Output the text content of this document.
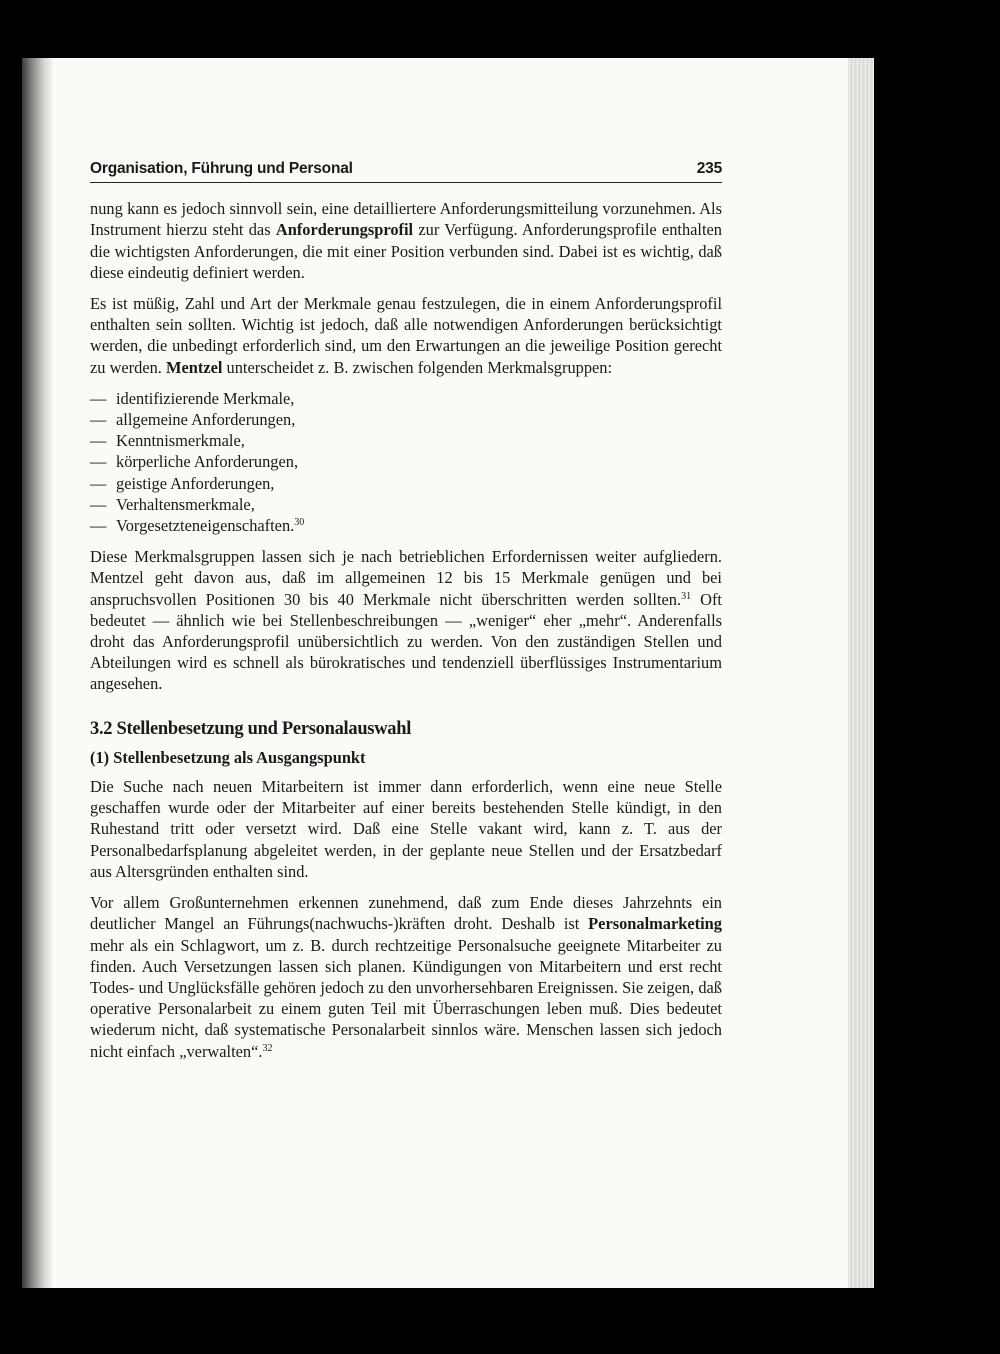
Organisation, Führung und Personal	235

nung kann es jedoch sinnvoll sein, eine detailliertere Anforderungsmitteilung vorzunehmen. Als Instrument hierzu steht das Anforderungsprofil zur Verfügung. Anforderungsprofile enthalten die wichtigsten Anforderungen, die mit einer Position verbunden sind. Dabei ist es wichtig, daß diese eindeutig definiert werden.

Es ist müßig, Zahl und Art der Merkmale genau festzulegen, die in einem Anforderungsprofil enthalten sein sollten. Wichtig ist jedoch, daß alle notwendigen Anforderungen berücksichtigt werden, die unbedingt erforderlich sind, um den Erwartungen an die jeweilige Position gerecht zu werden. Mentzel unterscheidet z. B. zwischen folgenden Merkmalsgruppen:

— identifizierende Merkmale,
— allgemeine Anforderungen,
— Kenntnismerkmale,
— körperliche Anforderungen,
— geistige Anforderungen,
— Verhaltensmerkmale,
— Vorgesetzteneigenschaften.$^{30}$

Diese Merkmalsgruppen lassen sich je nach betrieblichen Erfordernissen weiter aufgliedern. Mentzel geht davon aus, daß im allgemeinen 12 bis 15 Merkmale genügen und bei anspruchsvollen Positionen 30 bis 40 Merkmale nicht überschritten werden sollten.$^{31}$ Oft bedeutet — ähnlich wie bei Stellenbeschreibungen — „weniger“ eher „mehr“. Anderenfalls droht das Anforderungsprofil unübersichtlich zu werden. Von den zuständigen Stellen und Abteilungen wird es schnell als bürokratisches und tendenziell überflüssiges Instrumentarium angesehen.

3.2 Stellenbesetzung und Personalauswahl
(1) Stellenbesetzung als Ausgangspunkt

Die Suche nach neuen Mitarbeitern ist immer dann erforderlich, wenn eine neue Stelle geschaffen wurde oder der Mitarbeiter auf einer bereits bestehenden Stelle kündigt, in den Ruhestand tritt oder versetzt wird. Daß eine Stelle vakant wird, kann z. T. aus der Personalbedarfsplanung abgeleitet werden, in der geplante neue Stellen und der Ersatzbedarf aus Altersgründen enthalten sind.

Vor allem Großunternehmen erkennen zunehmend, daß zum Ende dieses Jahrzehnts ein deutlicher Mangel an Führungs(nachwuchs-)kräften droht. Deshalb ist Personalmarketing mehr als ein Schlagwort, um z. B. durch rechtzeitige Personalsuche geeignete Mitarbeiter zu finden. Auch Versetzungen lassen sich planen. Kündigungen von Mitarbeitern und erst recht Todes- und Unglücksfälle gehören jedoch zu den unvorhersehbaren Ereignissen. Sie zeigen, daß operative Personalarbeit zu einem guten Teil mit Überraschungen leben muß. Dies bedeutet wiederum nicht, daß systematische Personalarbeit sinnlos wäre. Menschen lassen sich jedoch nicht einfach „verwalten“.$^{32}$
